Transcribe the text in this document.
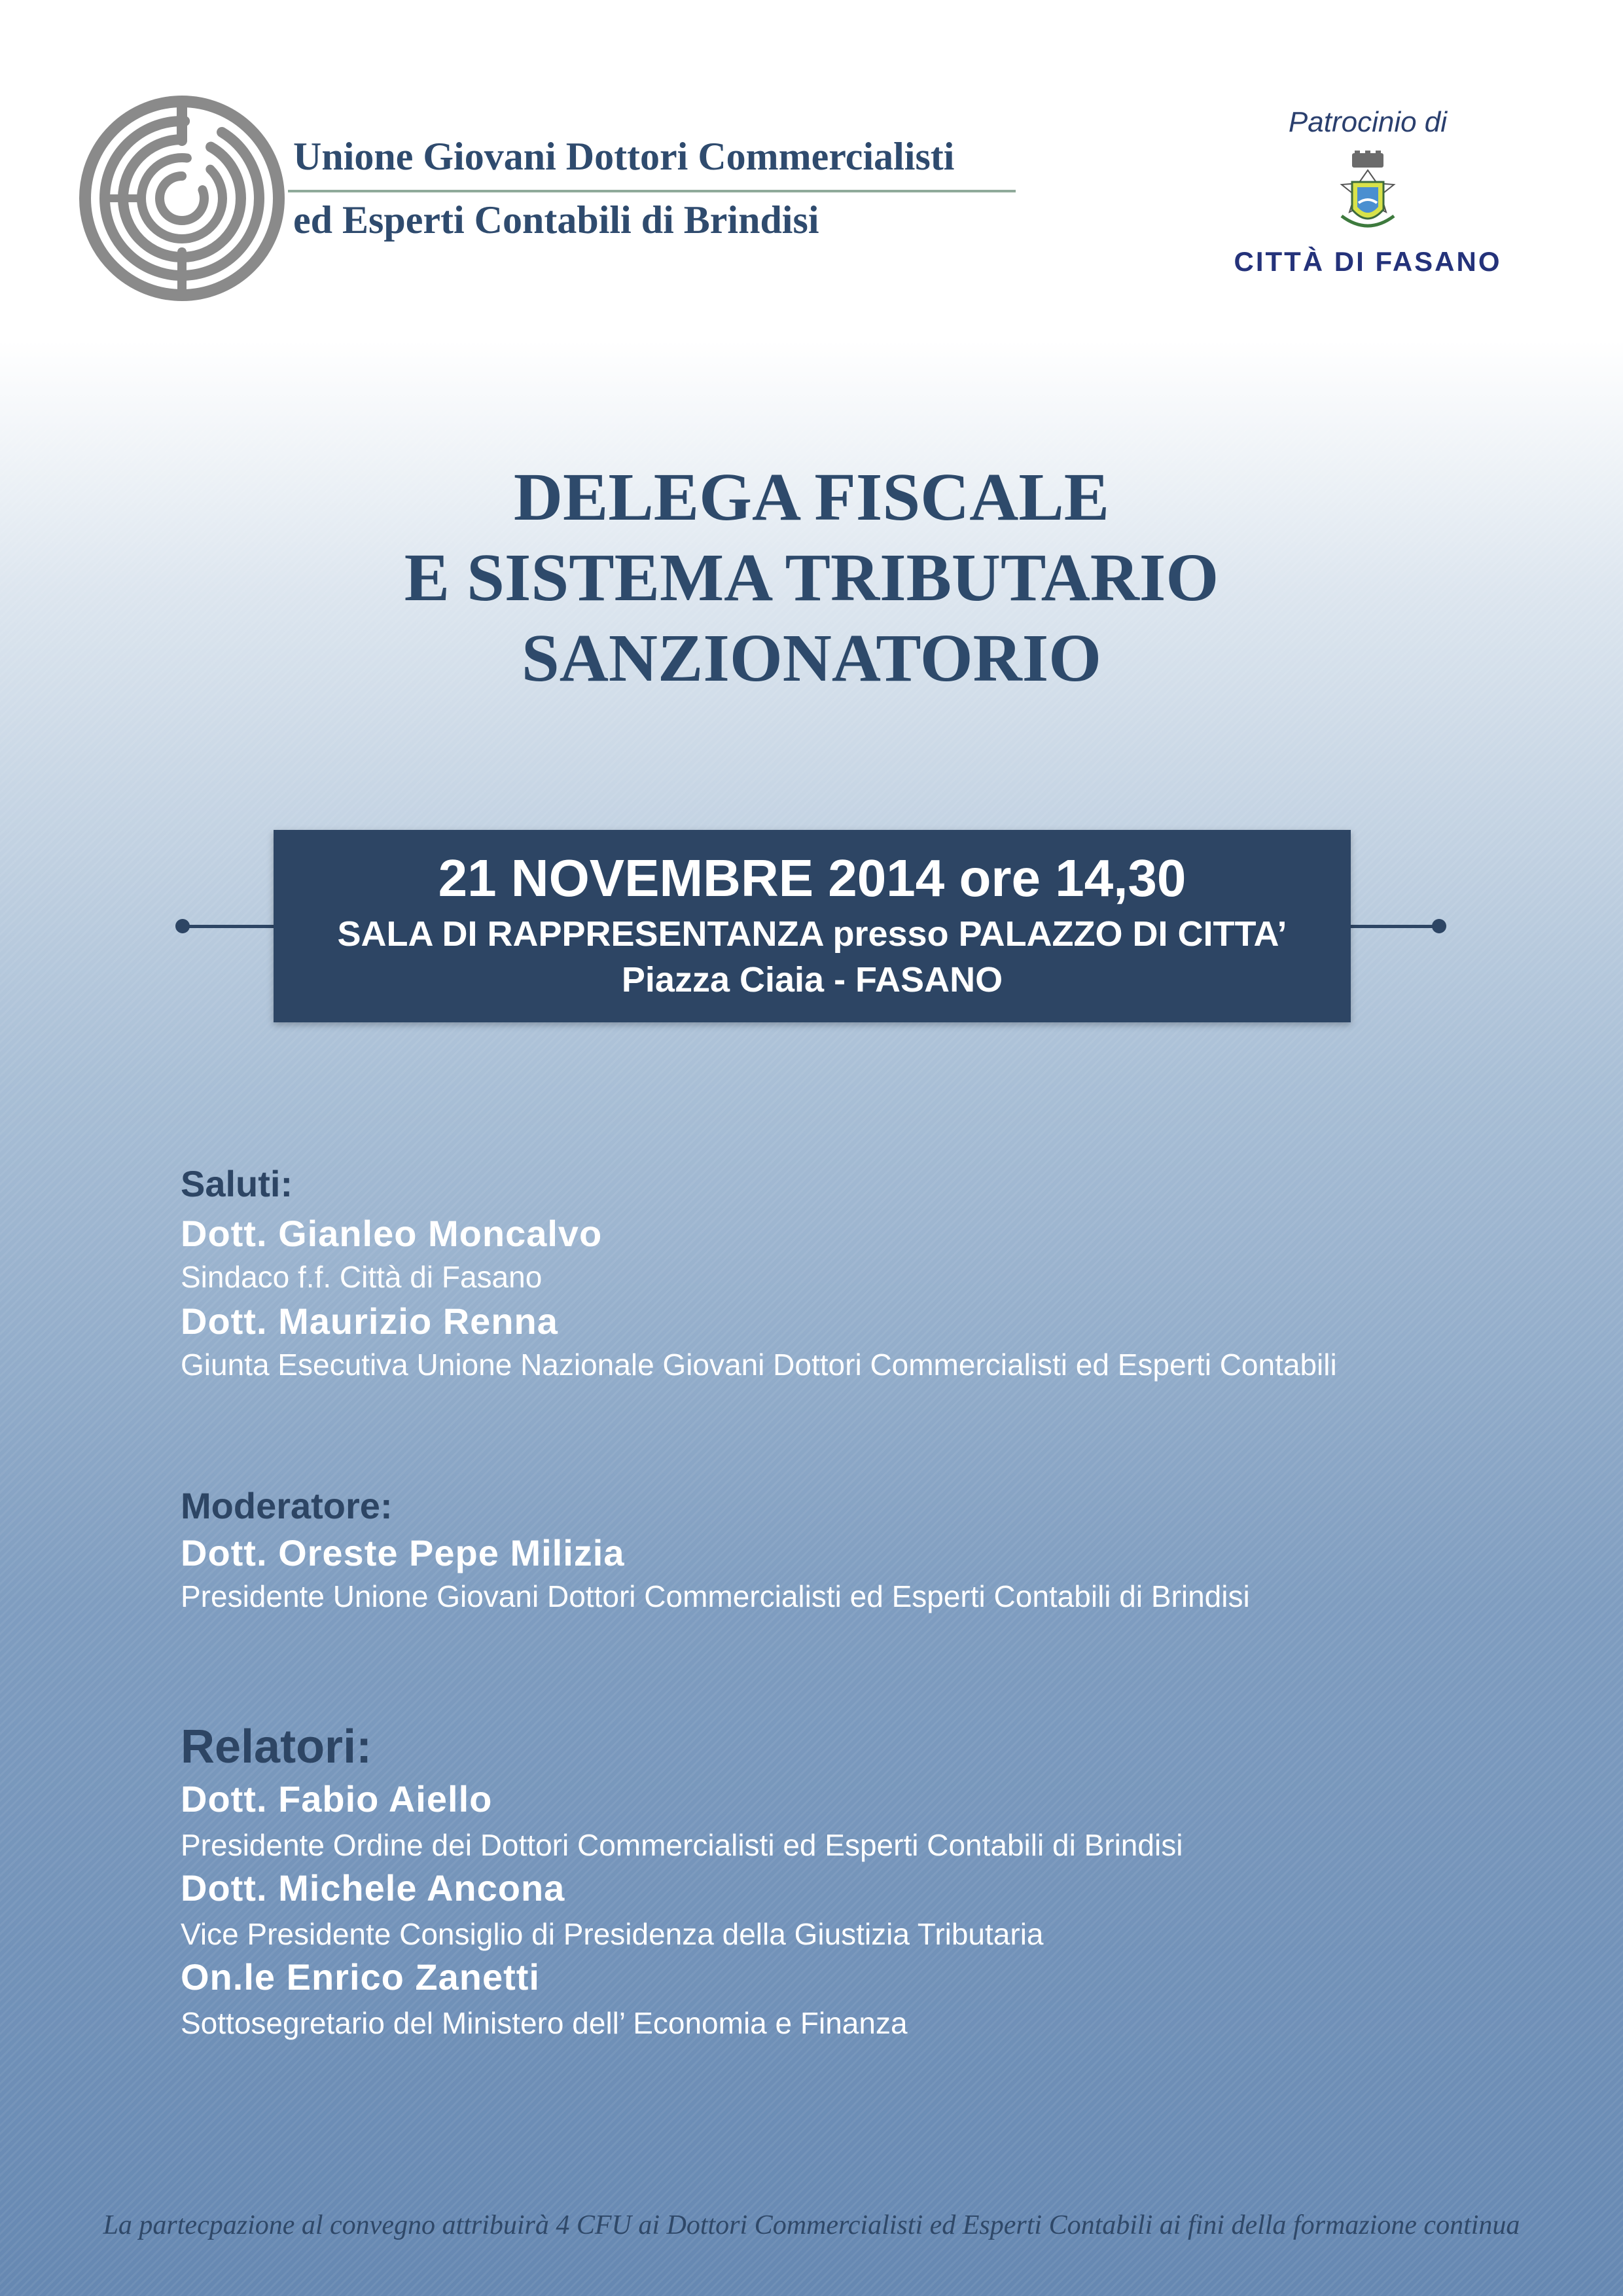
Unione Giovani Dottori Commercialisti
ed Esperti Contabili di Brindisi
Patrocinio di
CITTÀ DI FASANO
DELEGA FISCALE
E SISTEMA TRIBUTARIO
SANZIONATORIO
21 NOVEMBRE 2014 ore 14,30
SALA DI RAPPRESENTANZA presso PALAZZO DI CITTA’
Piazza Ciaia - FASANO
Saluti:
Dott. Gianleo Moncalvo
Sindaco f.f. Città di Fasano
Dott. Maurizio Renna
Giunta Esecutiva Unione Nazionale Giovani Dottori Commercialisti ed Esperti Contabili
Moderatore:
Dott. Oreste Pepe Milizia
Presidente Unione Giovani Dottori Commercialisti ed Esperti Contabili di Brindisi
Relatori:
Dott. Fabio Aiello
Presidente Ordine dei Dottori Commercialisti ed Esperti Contabili di Brindisi
Dott. Michele Ancona
Vice Presidente Consiglio di Presidenza della Giustizia Tributaria
On.le Enrico Zanetti
Sottosegretario del Ministero dell’ Economia e Finanza
La partecpazione al convegno attribuirà 4 CFU ai Dottori Commercialisti ed Esperti Contabili ai fini della formazione continua
